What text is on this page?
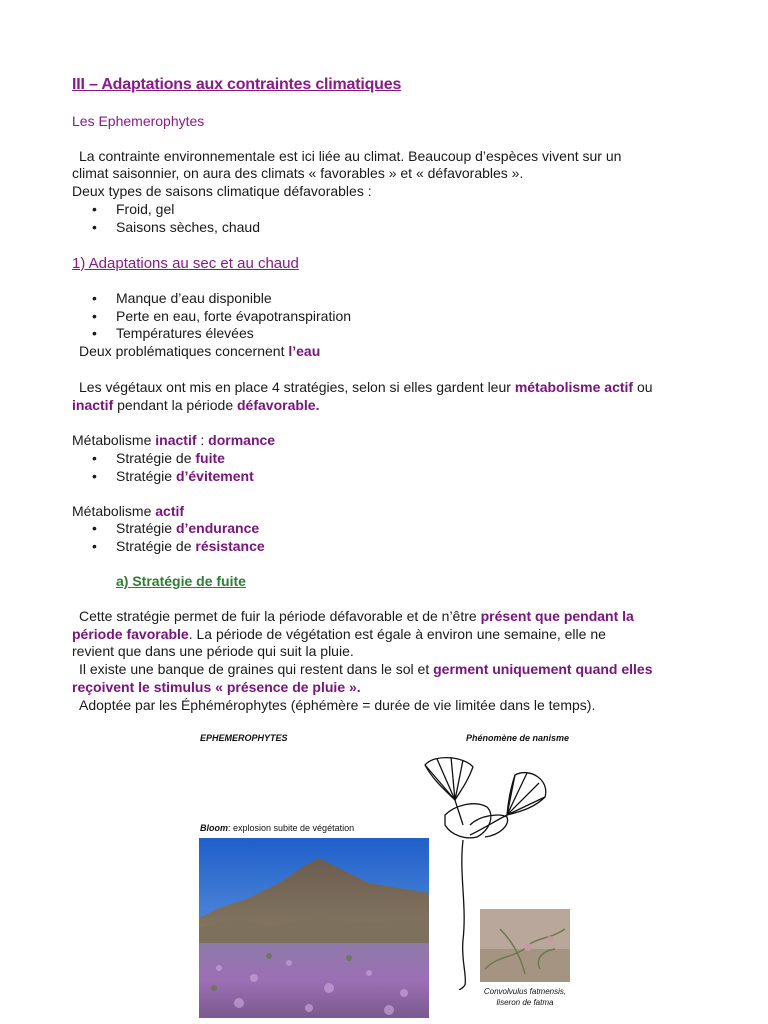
III – Adaptations aux contraintes climatiques
Les Ephemerophytes
La contrainte environnementale est ici liée au climat. Beaucoup d’espèces vivent sur un
climat saisonnier, on aura des climats « favorables » et « défavorables ».
Deux types de saisons climatique défavorables :
• Froid, gel
• Saisons sèches, chaud
1) Adaptations au sec et au chaud
• Manque d’eau disponible
• Perte en eau, forte évapotranspiration
• Températures élevées
Deux problématiques concernent l’eau
Les végétaux ont mis en place 4 stratégies, selon si elles gardent leur métabolisme actif ou
inactif pendant la période défavorable.
Métabolisme inactif : dormance
• Stratégie de fuite
• Stratégie d’évitement
Métabolisme actif
• Stratégie d’endurance
• Stratégie de résistance
a) Stratégie de fuite
Cette stratégie permet de fuir la période défavorable et de n’être présent que pendant la
période favorable. La période de végétation est égale à environ une semaine, elle ne
revient que dans une période qui suit la pluie.
Il existe une banque de graines qui restent dans le sol et germent uniquement quand elles
reçoivent le stimulus « présence de pluie ».
Adoptée par les Éphémérophytes (éphémère = durée de vie limitée dans le temps).
EPHEMEROPHYTES	Phénomène de nanisme
Bloom: explosion subite de végétation
Convolvulus fatmensis,
liseron de fatma
